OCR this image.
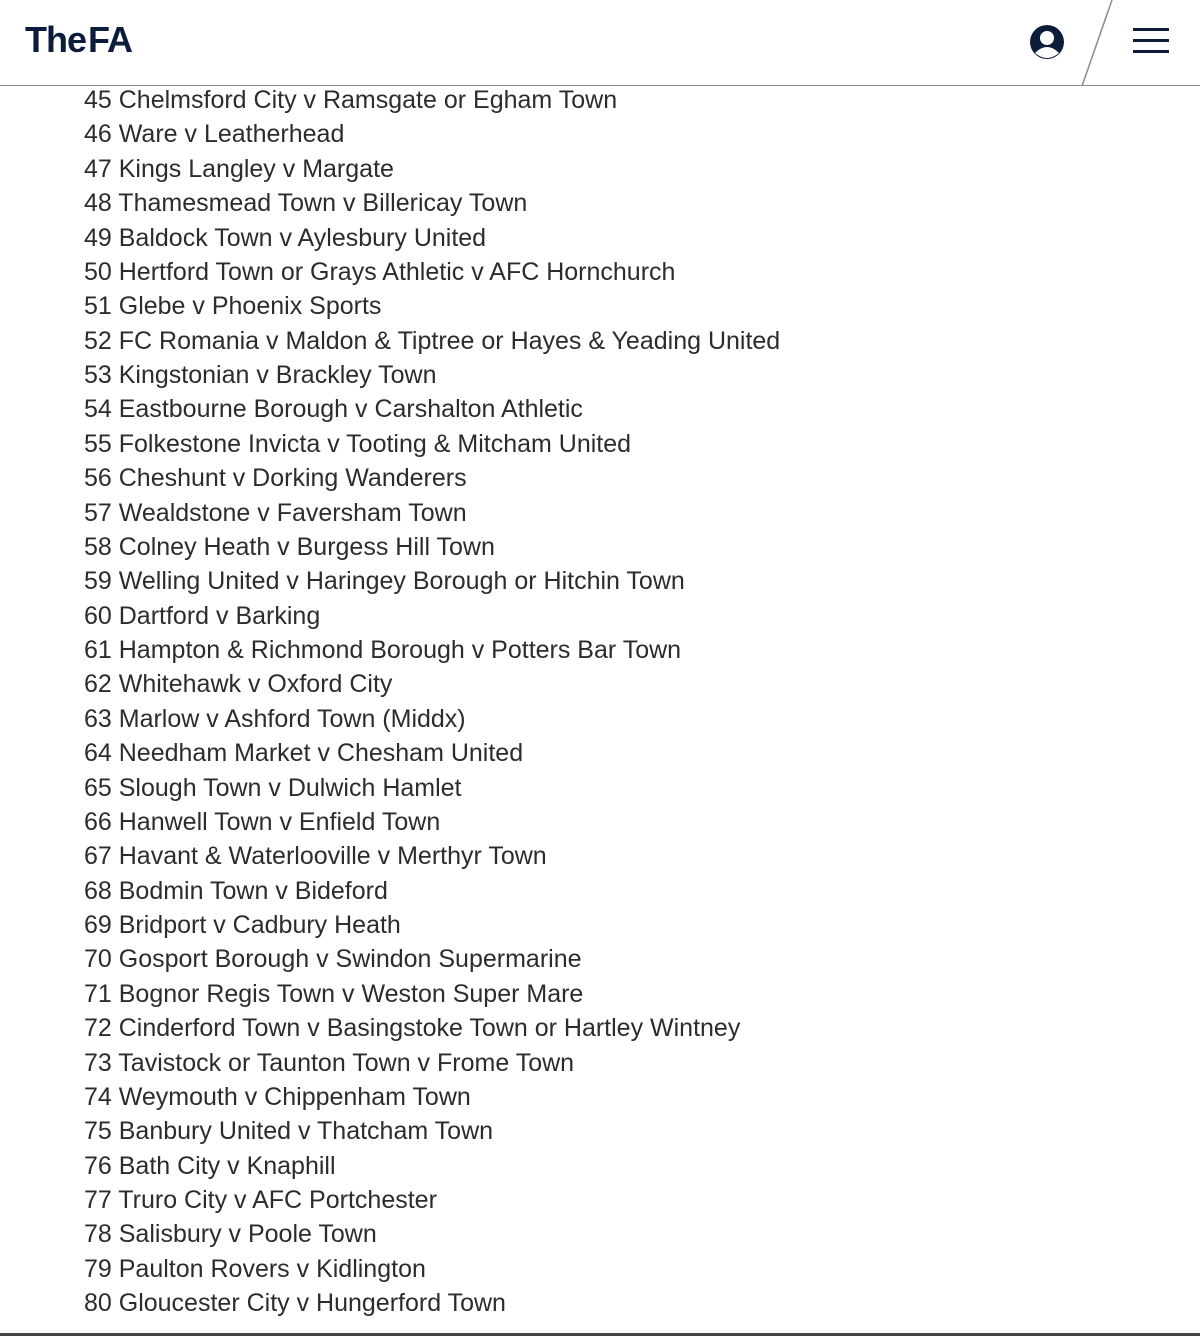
TheFA
45 Chelmsford City v Ramsgate or Egham Town
46 Ware v Leatherhead
47 Kings Langley v Margate
48 Thamesmead Town v Billericay Town
49 Baldock Town v Aylesbury United
50 Hertford Town or Grays Athletic v AFC Hornchurch
51 Glebe v Phoenix Sports
52 FC Romania v Maldon & Tiptree or Hayes & Yeading United
53 Kingstonian v Brackley Town
54 Eastbourne Borough v Carshalton Athletic
55 Folkestone Invicta v Tooting & Mitcham United
56 Cheshunt v Dorking Wanderers
57 Wealdstone v Faversham Town
58 Colney Heath v Burgess Hill Town
59 Welling United v Haringey Borough or Hitchin Town
60 Dartford v Barking
61 Hampton & Richmond Borough v Potters Bar Town
62 Whitehawk v Oxford City
63 Marlow v Ashford Town (Middx)
64 Needham Market v Chesham United
65 Slough Town v Dulwich Hamlet
66 Hanwell Town v Enfield Town
67 Havant & Waterlooville v Merthyr Town
68 Bodmin Town v Bideford
69 Bridport v Cadbury Heath
70 Gosport Borough v Swindon Supermarine
71 Bognor Regis Town v Weston Super Mare
72 Cinderford Town v Basingstoke Town or Hartley Wintney
73 Tavistock or Taunton Town v Frome Town
74 Weymouth v Chippenham Town
75 Banbury United v Thatcham Town
76 Bath City v Knaphill
77 Truro City v AFC Portchester
78 Salisbury v Poole Town
79 Paulton Rovers v Kidlington
80 Gloucester City v Hungerford Town
